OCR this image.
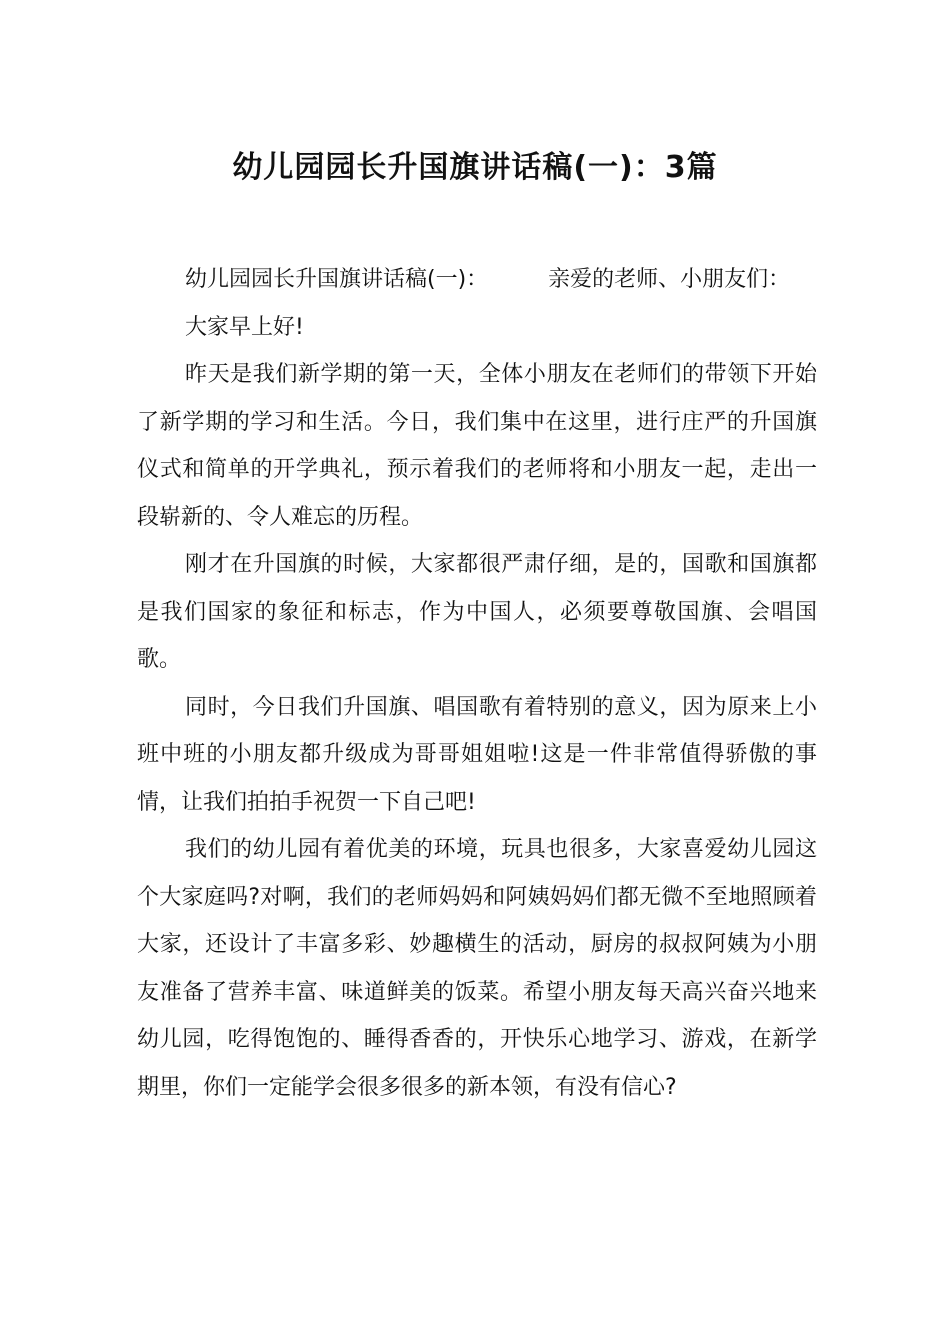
幼儿园园长升国旗讲话稿(一)：3篇

幼儿园园长升国旗讲话稿(一)：	亲爱的老师、小朋友们：

大家早上好!

昨天是我们新学期的第一天，全体小朋友在老师们的带领下开始了新学期的学习和生活。今日，我们集中在这里，进行庄严的升国旗仪式和简单的开学典礼，预示着我们的老师将和小朋友一起，走出一段崭新的、令人难忘的历程。

刚才在升国旗的时候，大家都很严肃仔细，是的，国歌和国旗都是我们国家的象征和标志，作为中国人，必须要尊敬国旗、会唱国歌。

同时，今日我们升国旗、唱国歌有着特别的意义，因为原来上小班中班的小朋友都升级成为哥哥姐姐啦!这是一件非常值得骄傲的事情，让我们拍拍手祝贺一下自己吧!

我们的幼儿园有着优美的环境，玩具也很多，大家喜爱幼儿园这个大家庭吗?对啊，我们的老师妈妈和阿姨妈妈们都无微不至地照顾着大家，还设计了丰富多彩、妙趣横生的活动，厨房的叔叔阿姨为小朋友准备了营养丰富、味道鲜美的饭菜。希望小朋友每天高兴奋兴地来幼儿园，吃得饱饱的、睡得香香的，开快乐心地学习、游戏，在新学期里，你们一定能学会很多很多的新本领，有没有信心?
